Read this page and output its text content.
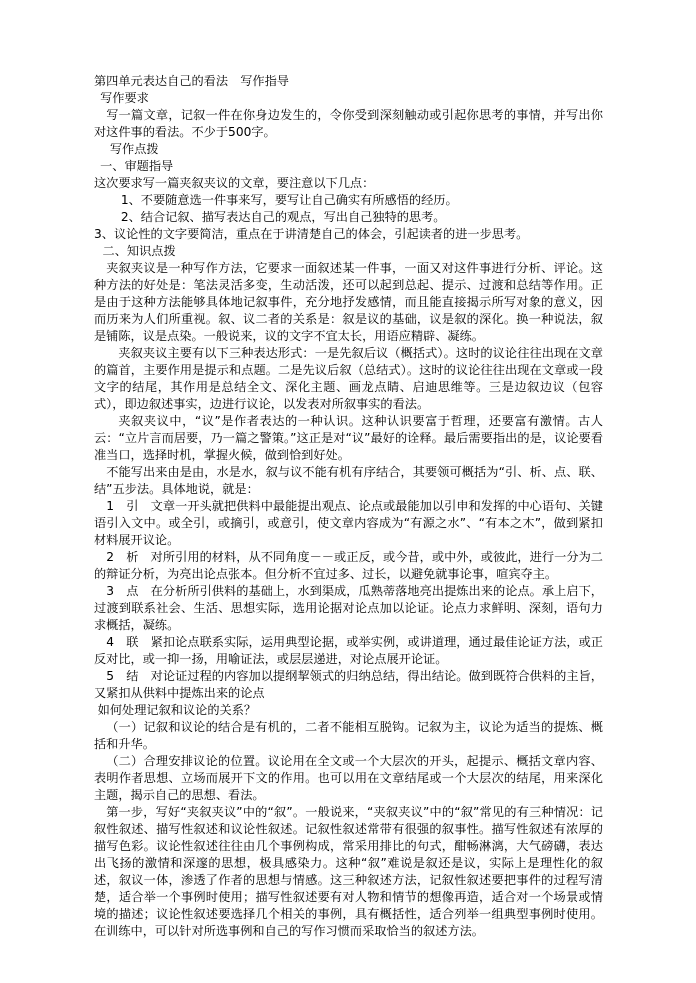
第四单元表达自己的看法　写作指导

写作要求

写一篇文章，记叙一件在你身边发生的，令你受到深刻触动或引起你思考的事情，并写出你对这件事的看法。不少于500字。

写作点拨

一、审题指导

这次要求写一篇夹叙夹议的文章，要注意以下几点：

1、不要随意选一件事来写，要写让自己确实有所感悟的经历。

2、结合记叙、描写表达自己的观点，写出自己独特的思考。

3、议论性的文字要简洁，重点在于讲清楚自己的体会，引起读者的进一步思考。

二、知识点拨

夹叙夹议是一种写作方法，它要求一面叙述某一件事，一面又对这件事进行分析、评论。这种方法的好处是：笔法灵活多变，生动活泼，还可以起到总起、提示、过渡和总结等作用。正是由于这种方法能够具体地记叙事件，充分地抒发感情，而且能直接揭示所写对象的意义，因而历来为人们所重视。叙、议二者的关系是：叙是议的基础，议是叙的深化。换一种说法，叙是铺陈，议是点染。一般说来，议的文字不宜太长，用语应精辟、凝练。

夹叙夹议主要有以下三种表达形式：一是先叙后议（概括式）。这时的议论往往出现在文章的篇首，主要作用是提示和点题。二是先议后叙（总结式）。这时的议论往往出现在文章或一段文字的结尾，其作用是总结全文、深化主题、画龙点睛、启迪思维等。三是边叙边议（包容式），即边叙述事实，边进行议论，以发表对所叙事实的看法。

夹叙夹议中，“议”是作者表达的一种认识。这种认识要富于哲理，还要富有激情。古人云：“立片言而居要，乃一篇之警策。”这正是对“议”最好的诠释。最后需要指出的是，议论要看准当口，选择时机，掌握火候，做到恰到好处。

不能写出来由是由，水是水，叙与议不能有机有序结合，其要领可概括为“引、析、点、联、结”五步法。具体地说，就是：

1　引　文章一开头就把供料中最能提出观点、论点或最能加以引申和发挥的中心语句、关键语引入文中。或全引，或摘引，或意引，使文章内容成为“有源之水”、“有本之木”，做到紧扣材料展开议论。

2　析　对所引用的材料，从不同角度－－或正反，或今昔，或中外，或彼此，进行一分为二的辩证分析，为亮出论点张本。但分析不宜过多、过长，以避免就事论事，喧宾夺主。

3　点　在分析所引供料的基础上，水到渠成，瓜熟蒂落地亮出提炼出来的论点。承上启下，过渡到联系社会、生活、思想实际，选用论据对论点加以论证。论点力求鲜明、深刻，语句力求概括，凝练。

4　联　紧扣论点联系实际，运用典型论据，或举实例，或讲道理，通过最佳论证方法，或正反对比，或一抑一扬，用喻证法，或层层递进，对论点展开论证。

5　结　对论证过程的内容加以提纲挈领式的归纳总结，得出结论。做到既符合供料的主旨，又紧扣从供料中提炼出来的论点

如何处理记叙和议论的关系？

（一）记叙和议论的结合是有机的，二者不能相互脱钩。记叙为主，议论为适当的提炼、概括和升华。

（二）合理安排议论的位置。议论用在全文或一个大层次的开头，起提示、概括文章内容、表明作者思想、立场而展开下文的作用。也可以用在文章结尾或一个大层次的结尾，用来深化主题，揭示自己的思想、看法。

第一步，写好“夹叙夹议”中的“叙”。一般说来，“夹叙夹议”中的“叙”常见的有三种情况：记叙性叙述、描写性叙述和议论性叙述。记叙性叙述常带有很强的叙事性。描写性叙述有浓厚的描写色彩。议论性叙述往往由几个事例构成，常采用排比的句式，酣畅淋漓，大气磅礴，表达出飞扬的激情和深邃的思想，极具感染力。这种“叙”难说是叙还是议，实际上是理性化的叙述，叙议一体，渗透了作者的思想与情感。这三种叙述方法，记叙性叙述要把事件的过程写清楚，适合举一个事例时使用；描写性叙述要有对人物和情节的想像再造，适合对一个场景或情境的描述；议论性叙述要选择几个相关的事例，具有概括性，适合列举一组典型事例时使用。在训练中，可以针对所选事例和自己的写作习惯而采取恰当的叙述方法。
